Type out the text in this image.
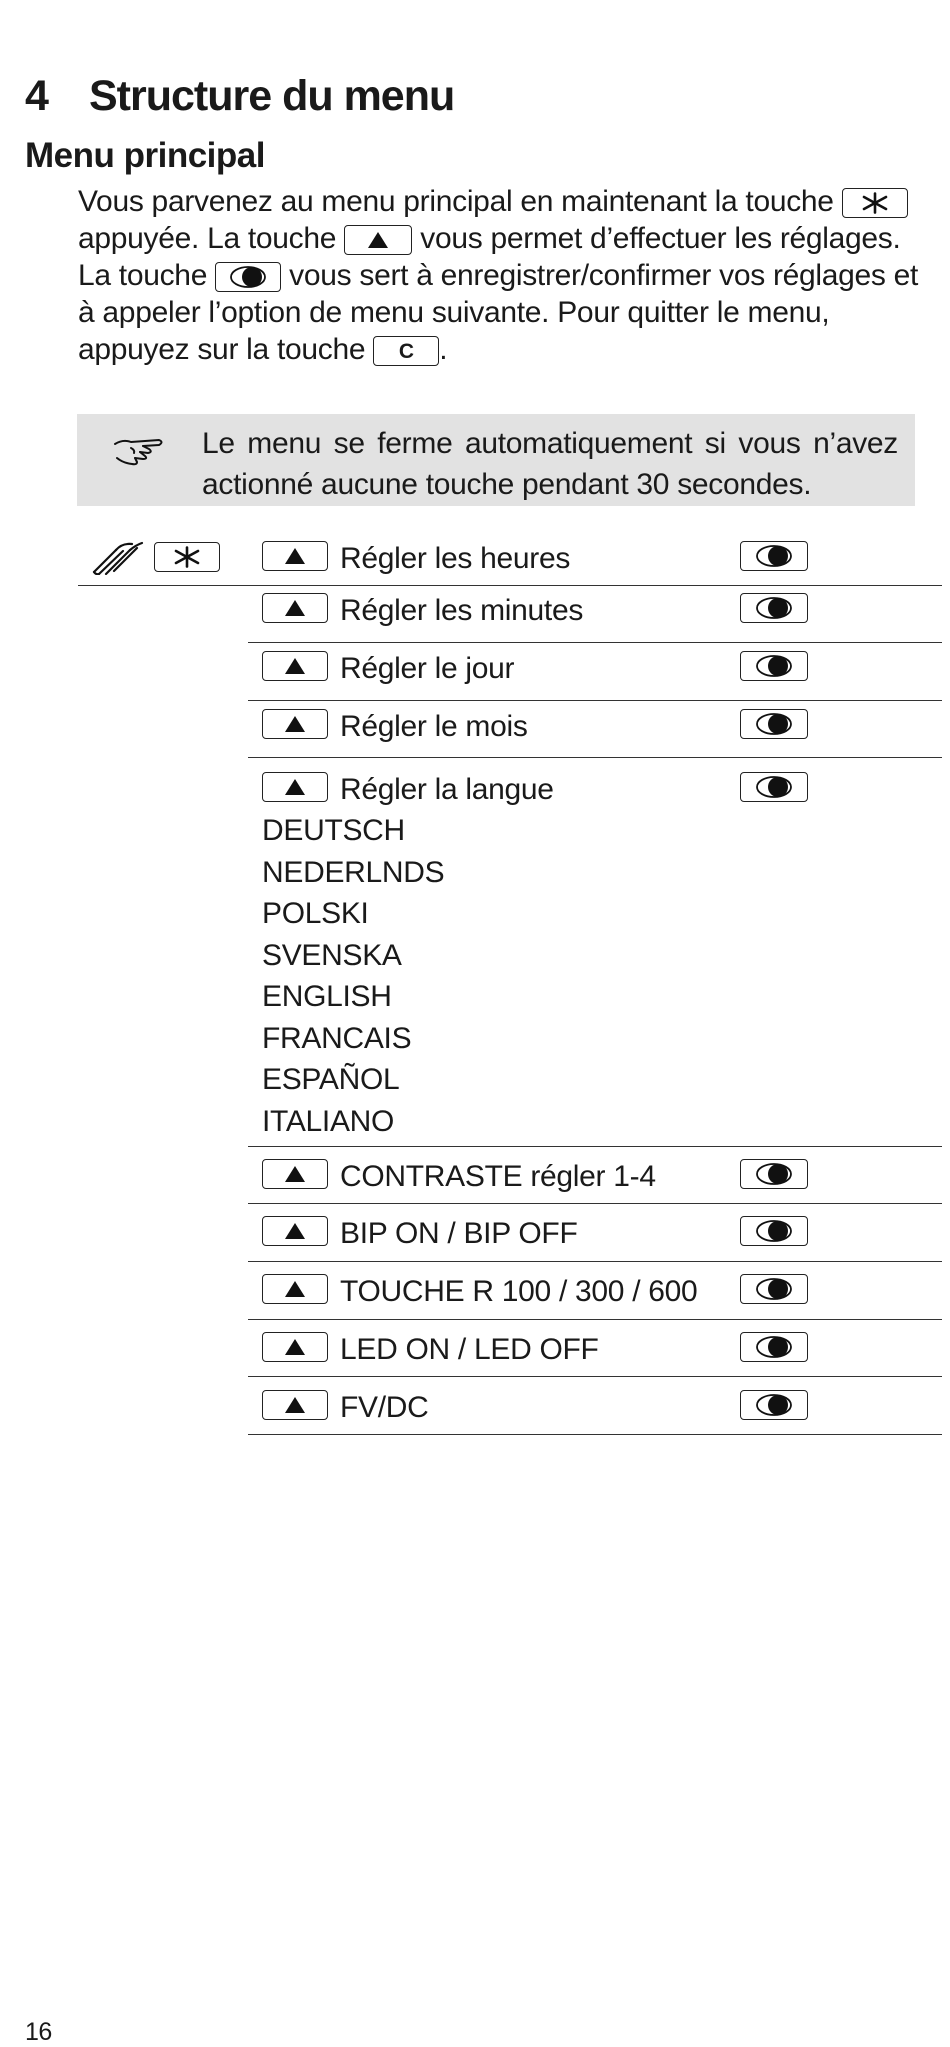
4 Structure du menu
Menu principal
Vous parvenez au menu principal en maintenant la touche
appuyée. La touche	vous permet d’effectuer les réglages. La touche	vous sert à enregistrer/confirmer vos réglages et à appeler l’option de menu suivante. Pour quitter le menu, appuyez sur la touche C .
Le menu se ferme automatiquement si vous n’avez actionné aucune touche pendant 30 secondes.
Régler les heures
Régler les minutes
Régler le jour
Régler le mois
Régler la langue
DEUTSCH
NEDERLNDS
POLSKI
SVENSKA
ENGLISH
FRANCAIS
ESPAÑOL
ITALIANO
CONTRASTE régler 1-4
BIP ON / BIP OFF
TOUCHE R 100 / 300 / 600
LED ON / LED OFF
FV/DC
16
